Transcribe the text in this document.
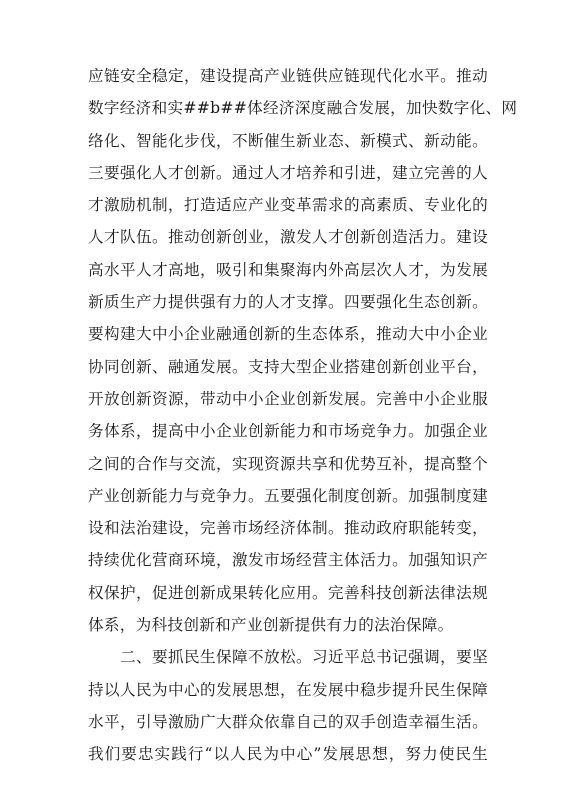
应链安全稳定，建设提高产业链供应链现代化水平。推动
数字经济和实##b##体经济深度融合发展，加快数字化、网
络化、智能化步伐，不断催生新业态、新模式、新动能。
三要强化人才创新。通过人才培养和引进，建立完善的人
才激励机制，打造适应产业变革需求的高素质、专业化的
人才队伍。推动创新创业，激发人才创新创造活力。建设
高水平人才高地，吸引和集聚海内外高层次人才，为发展
新质生产力提供强有力的人才支撑。四要强化生态创新。
要构建大中小企业融通创新的生态体系，推动大中小企业
协同创新、融通发展。支持大型企业搭建创新创业平台，
开放创新资源，带动中小企业创新发展。完善中小企业服
务体系，提高中小企业创新能力和市场竞争力。加强企业
之间的合作与交流，实现资源共享和优势互补，提高整个
产业创新能力与竞争力。五要强化制度创新。加强制度建
设和法治建设，完善市场经济体制。推动政府职能转变，
持续优化营商环境，激发市场经营主体活力。加强知识产
权保护，促进创新成果转化应用。完善科技创新法律法规
体系，为科技创新和产业创新提供有力的法治保障。
二、要抓民生保障不放松。习近平总书记强调，要坚
持以人民为中心的发展思想，在发展中稳步提升民生保障
水平，引导激励广大群众依靠自己的双手创造幸福生活。
我们要忠实践行“以人民为中心”发展思想，努力使民生
